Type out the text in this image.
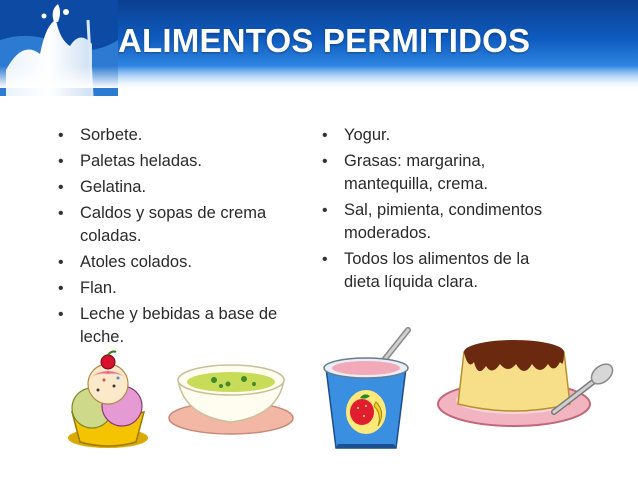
ALIMENTOS PERMITIDOS
• Sorbete.
• Paletas heladas.
• Gelatina.
• Caldos y sopas de crema coladas.
• Atoles colados.
• Flan.
• Leche y bebidas a base de leche.
• Yogur.
• Grasas: margarina, mantequilla, crema.
• Sal, pimienta, condimentos moderados.
• Todos los alimentos de la dieta líquida clara.
